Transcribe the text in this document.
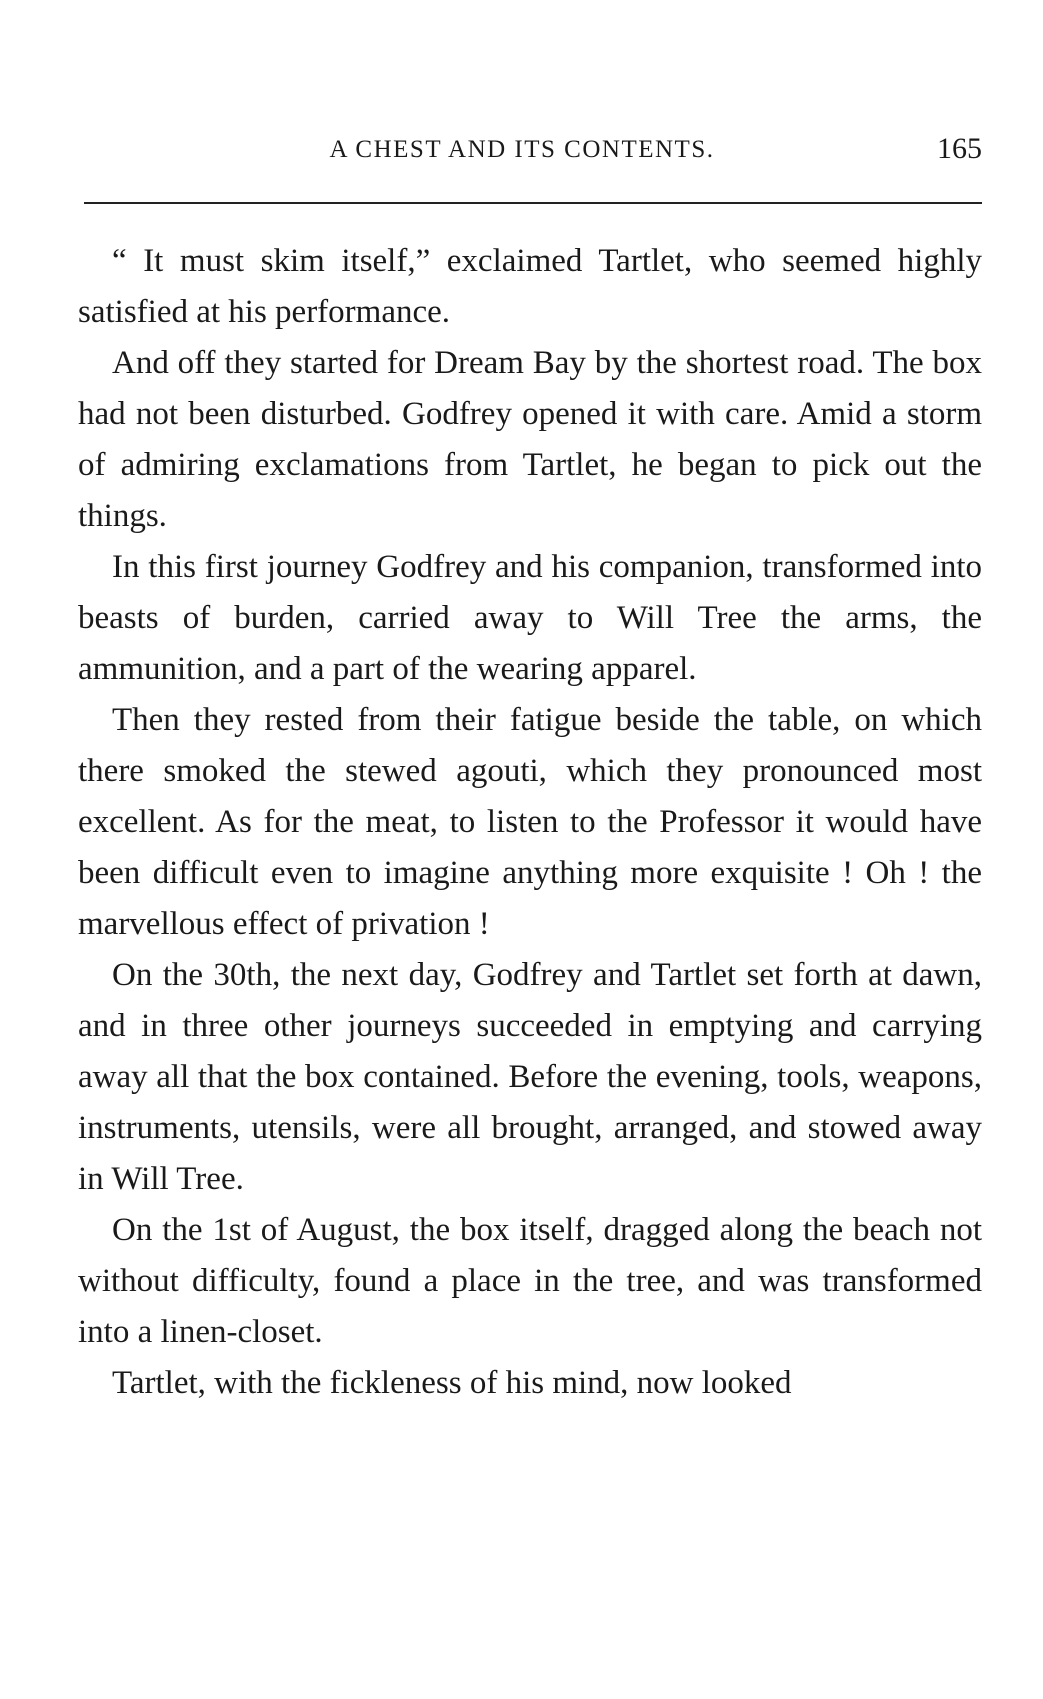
A CHEST AND ITS CONTENTS.	165

“ It must skim itself,” exclaimed Tartlet, who seemed highly satisfied at his performance.

And off they started for Dream Bay by the shortest road. The box had not been disturbed. Godfrey opened it with care. Amid a storm of admiring exclamations from Tartlet, he began to pick out the things.

In this first journey Godfrey and his companion, transformed into beasts of burden, carried away to Will Tree the arms, the ammunition, and a part of the wearing apparel.

Then they rested from their fatigue beside the table, on which there smoked the stewed agouti, which they pronounced most excellent. As for the meat, to listen to the Professor it would have been difficult even to imagine anything more exquisite ! Oh ! the marvellous effect of privation !

On the 30th, the next day, Godfrey and Tartlet set forth at dawn, and in three other journeys succeeded in emptying and carrying away all that the box contained. Before the evening, tools, weapons, instruments, utensils, were all brought, arranged, and stowed away in Will Tree.

On the 1st of August, the box itself, dragged along the beach not without difficulty, found a place in the tree, and was transformed into a linen-closet.

Tartlet, with the fickleness of his mind, now looked
